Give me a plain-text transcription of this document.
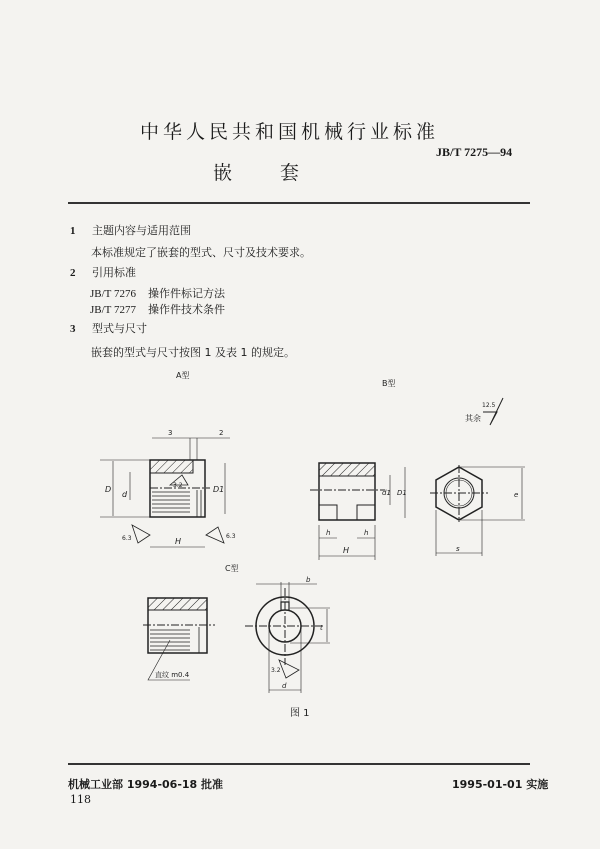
中华人民共和国机械行业标准
JB/T 7275—94
嵌套
1 主题内容与适用范围
本标准规定了嵌套的型式、尺寸及技术要求。
2 引用标准
JB/T 7276 操作件标记方法
JB/T 7277 操作件技术条件
3 型式与尺寸
嵌套的型式与尺寸按图 1 及表 1 的规定。
A型
B型
其余
12.5
D
d
D1
H
3	2
3.2
6.3	6.3	h	h
H
d1 D1	e
s
C型
直纹 m0.4
b
t
d
3.2
图 1
机械工业部 1994-06-18 批准	1995-01-01 实施
118
